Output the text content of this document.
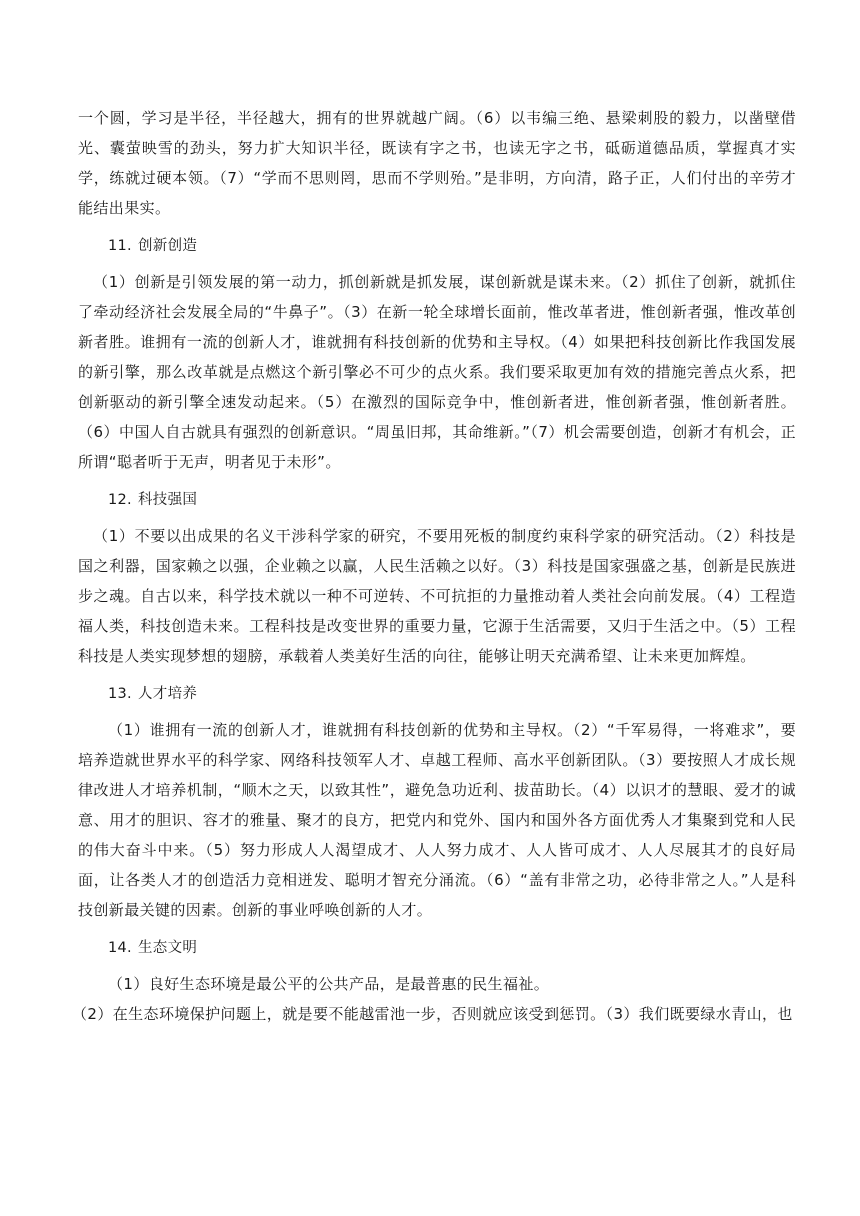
一个圆，学习是半径，半径越大，拥有的世界就越广阔。（6）以韦编三绝、悬梁刺股的毅力，以凿壁借光、囊萤映雪的劲头，努力扩大知识半径，既读有字之书，也读无字之书，砥砺道德品质，掌握真才实学，练就过硬本领。（7）“学而不思则罔，思而不学则殆。”是非明，方向清，路子正，人们付出的辛劳才能结出果实。

11. 创新创造

（1）创新是引领发展的第一动力，抓创新就是抓发展，谋创新就是谋未来。（2）抓住了创新，就抓住了牵动经济社会发展全局的“牛鼻子”。（3）在新一轮全球增长面前，惟改革者进，惟创新者强，惟改革创新者胜。谁拥有一流的创新人才，谁就拥有科技创新的优势和主导权。（4）如果把科技创新比作我国发展的新引擎，那么改革就是点燃这个新引擎必不可少的点火系。我们要采取更加有效的措施完善点火系，把创新驱动的新引擎全速发动起来。（5）在激烈的国际竞争中，惟创新者进，惟创新者强，惟创新者胜。（6）中国人自古就具有强烈的创新意识。“周虽旧邦，其命维新。”（7）机会需要创造，创新才有机会，正所谓“聪者听于无声，明者见于未形”。

12. 科技强国

（1）不要以出成果的名义干涉科学家的研究，不要用死板的制度约束科学家的研究活动。（2）科技是国之利器，国家赖之以强，企业赖之以赢，人民生活赖之以好。（3）科技是国家强盛之基，创新是民族进步之魂。自古以来，科学技术就以一种不可逆转、不可抗拒的力量推动着人类社会向前发展。（4）工程造福人类，科技创造未来。工程科技是改变世界的重要力量，它源于生活需要，又归于生活之中。（5）工程科技是人类实现梦想的翅膀，承载着人类美好生活的向往，能够让明天充满希望、让未来更加辉煌。

13. 人才培养

（1）谁拥有一流的创新人才，谁就拥有科技创新的优势和主导权。（2）“千军易得，一将难求”，要培养造就世界水平的科学家、网络科技领军人才、卓越工程师、高水平创新团队。（3）要按照人才成长规律改进人才培养机制，“顺木之天，以致其性”，避免急功近利、拔苗助长。（4）以识才的慧眼、爱才的诚意、用才的胆识、容才的雅量、聚才的良方，把党内和党外、国内和国外各方面优秀人才集聚到党和人民的伟大奋斗中来。（5）努力形成人人渴望成才、人人努力成才、人人皆可成才、人人尽展其才的良好局面，让各类人才的创造活力竞相迸发、聪明才智充分涌流。（6）“盖有非常之功，必待非常之人。”人是科技创新最关键的因素。创新的事业呼唤创新的人才。

14. 生态文明

（1）良好生态环境是最公平的公共产品，是最普惠的民生福祉。

（2）在生态环境保护问题上，就是要不能越雷池一步，否则就应该受到惩罚。（3）我们既要绿水青山，也
